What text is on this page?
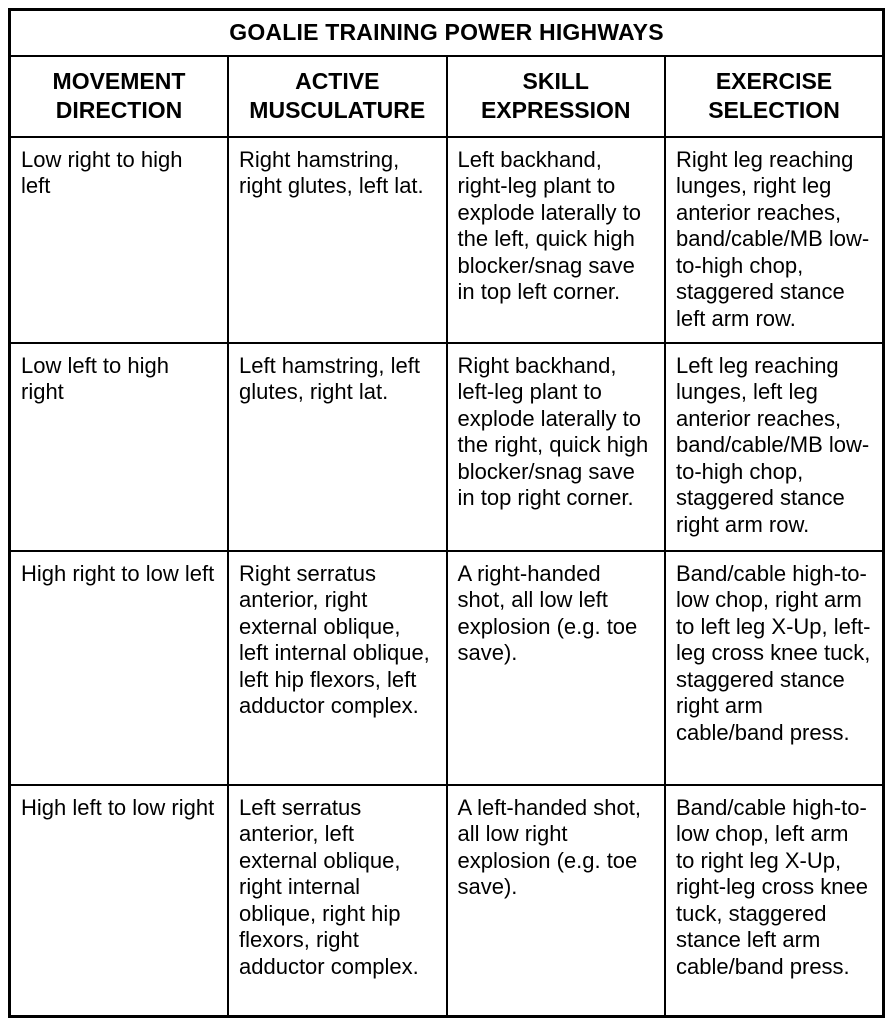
GOALIE TRAINING POWER HIGHWAYS			
MOVEMENT DIRECTION	ACTIVE MUSCULATURE	SKILL EXPRESSION	EXERCISE SELECTION
Low right to high left	Right hamstring, right glutes, left lat.	Left backhand, right-leg plant to explode laterally to the left, quick high blocker/snag save in top left corner.	Right leg reaching lunges, right leg anterior reaches, band/cable/MB low-to-high chop, staggered stance left arm row.
Low left to high right	Left hamstring, left glutes, right lat.	Right backhand, left-leg plant to explode laterally to the right, quick high blocker/snag save in top right corner.	Left leg reaching lunges, left leg anterior reaches, band/cable/MB low-to-high chop, staggered stance right arm row.
High right to low left	Right serratus anterior, right external oblique, left internal oblique, left hip flexors, left adductor complex.	A right-handed shot, all low left explosion (e.g. toe save).	Band/cable high-to-low chop, right arm to left leg X-Up, left-leg cross knee tuck, staggered stance right arm cable/band press.
High left to low right	Left serratus anterior, left external oblique, right internal oblique, right hip flexors, right adductor complex.	A left-handed shot, all low right explosion (e.g. toe save).	Band/cable high-to-low chop, left arm to right leg X-Up, right-leg cross knee tuck, staggered stance left arm cable/band press.
